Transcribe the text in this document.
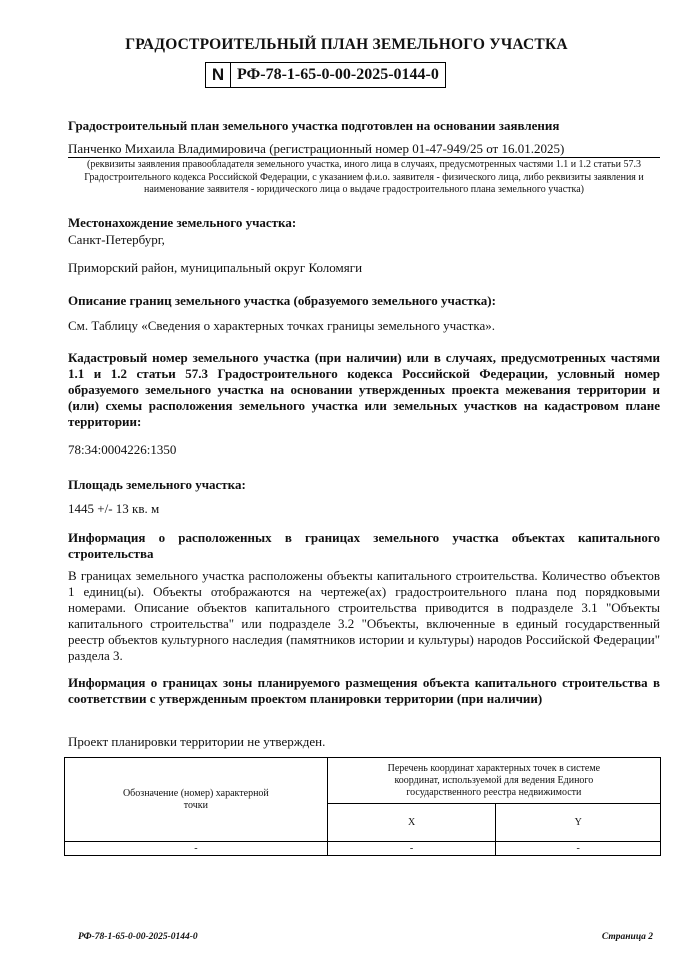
ГРАДОСТРОИТЕЛЬНЫЙ ПЛАН ЗЕМЕЛЬНОГО УЧАСТКА
N РФ-78-1-65-0-00-2025-0144-0
Градостроительный план земельного участка подготовлен на основании заявления
Панченко Михаила Владимировича (регистрационный номер 01-47-949/25 от 16.01.2025)
(реквизиты заявления правообладателя земельного участка, иного лица в случаях, предусмотренных частями 1.1 и 1.2 статьи 57.3 Градостроительного кодекса Российской Федерации, с указанием ф.и.о. заявителя - физического лица, либо реквизиты заявления и наименование заявителя - юридического лица о выдаче градостроительного плана земельного участка)
Местонахождение земельного участка:
Санкт-Петербург,
Приморский район, муниципальный округ Коломяги
Описание границ земельного участка (образуемого земельного участка):
См. Таблицу «Сведения о характерных точках границы земельного участка».
Кадастровый номер земельного участка (при наличии) или в случаях, предусмотренных частями 1.1 и 1.2 статьи 57.3 Градостроительного кодекса Российской Федерации, условный номер образуемого земельного участка на основании утвержденных проекта межевания территории и (или) схемы расположения земельного участка или земельных участков на кадастровом плане территории:
78:34:0004226:1350
Площадь земельного участка:
1445 +/- 13 кв. м
Информация о расположенных в границах земельного участка объектах капитального строительства
В границах земельного участка расположены объекты капитального строительства. Количество объектов 1 единиц(ы). Объекты отображаются на чертеже(ах) градостроительного плана под порядковыми номерами. Описание объектов капитального строительства приводится в подразделе 3.1 "Объекты капитального строительства" или подразделе 3.2 "Объекты, включенные в единый государственный реестр объектов культурного наследия (памятников истории и культуры) народов Российской Федерации" раздела 3.
Информация о границах зоны планируемого размещения объекта капитального строительства в соответствии с утвержденным проектом планировки территории (при наличии)
Проект планировки территории не утвержден.
Обозначение (номер) характерной точки	Перечень координат характерных точек в системе координат, используемой для ведения Единого государственного реестра недвижимости	
	X	Y
-	-	-
РФ-78-1-65-0-00-2025-0144-0	Страница 2
